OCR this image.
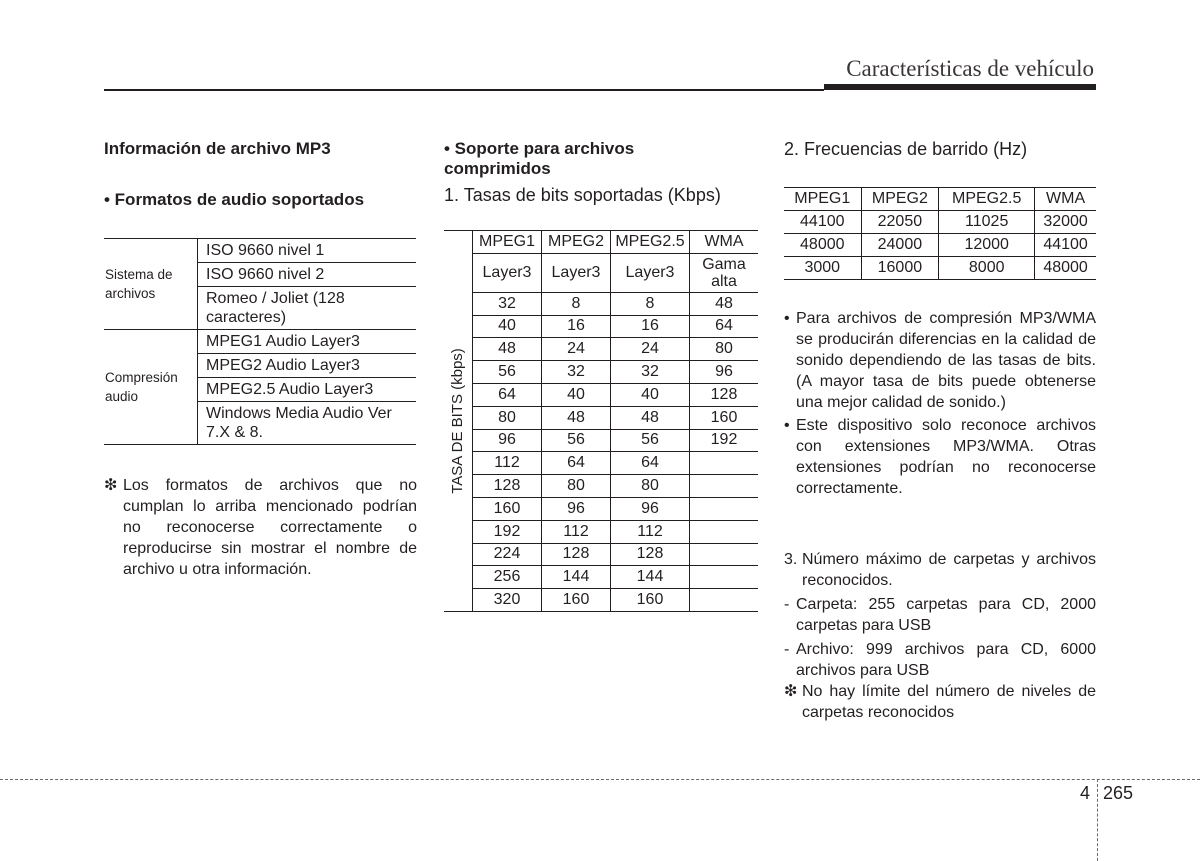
Características de vehículo
Información de archivo MP3
• Formatos de audio soportados
Sistema de archivos	ISO 9660 nivel 1
	ISO 9660 nivel 2
	Romeo / Joliet (128 caracteres)
Compresión audio	MPEG1 Audio Layer3
	MPEG2 Audio Layer3
	MPEG2.5 Audio Layer3
	Windows Media Audio Ver 7.X & 8.
❇ Los formatos de archivos que no cumplan lo arriba mencionado podrían no reconocerse correctamente o reproducirse sin mostrar el nombre de archivo u otra información.
• Soporte para archivos comprimidos
1. Tasas de bits soportadas (Kbps)
TASA DE BITS (kbps)	MPEG1	MPEG2	MPEG2.5	WMA
	Layer3	Layer3	Layer3	Gama alta
	32	8	8	48
	40	16	16	64
	48	24	24	80
	56	32	32	96
	64	40	40	128
	80	48	48	160
	96	56	56	192
	112	64	64	
	128	80	80	
	160	96	96	
	192	112	112	
	224	128	128	
	256	144	144	
	320	160	160	
2. Frecuencias de barrido (Hz)
MPEG1	MPEG2	MPEG2.5	WMA
44100	22050	11025	32000
48000	24000	12000	44100
3000	16000	8000	48000
• Para archivos de compresión MP3/WMA se producirán diferencias en la calidad de sonido dependiendo de las tasas de bits. (A mayor tasa de bits puede obtenerse una mejor calidad de sonido.)
• Este dispositivo solo reconoce archivos con extensiones MP3/WMA. Otras extensiones podrían no reconocerse correctamente.
3. Número máximo de carpetas y archivos reconocidos.
- Carpeta: 255 carpetas para CD, 2000 carpetas para USB
- Archivo: 999 archivos para CD, 6000 archivos para USB
❇ No hay límite del número de niveles de carpetas reconocidos
4 265
